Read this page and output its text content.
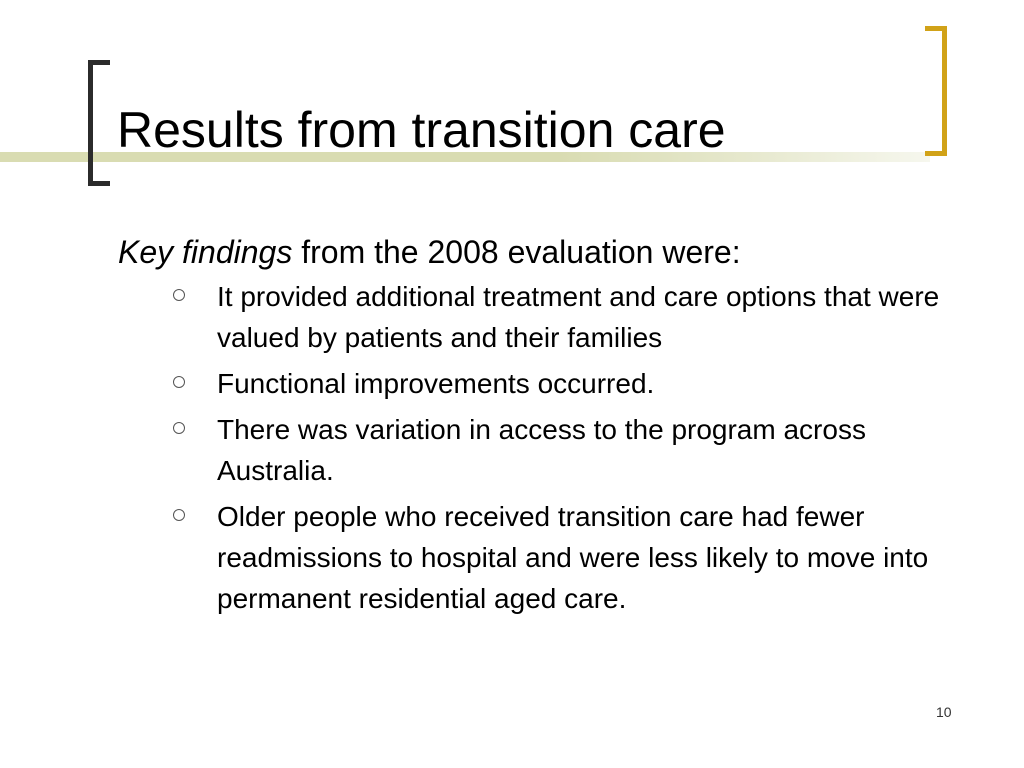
Results from transition care

Key findings from the 2008 evaluation were:

It provided additional treatment and care options that were valued by patients and their families
Functional improvements occurred.
There was variation in access to the program across Australia.
Older people who received transition care had fewer readmissions to hospital and were less likely to move into permanent residential aged care.
10
